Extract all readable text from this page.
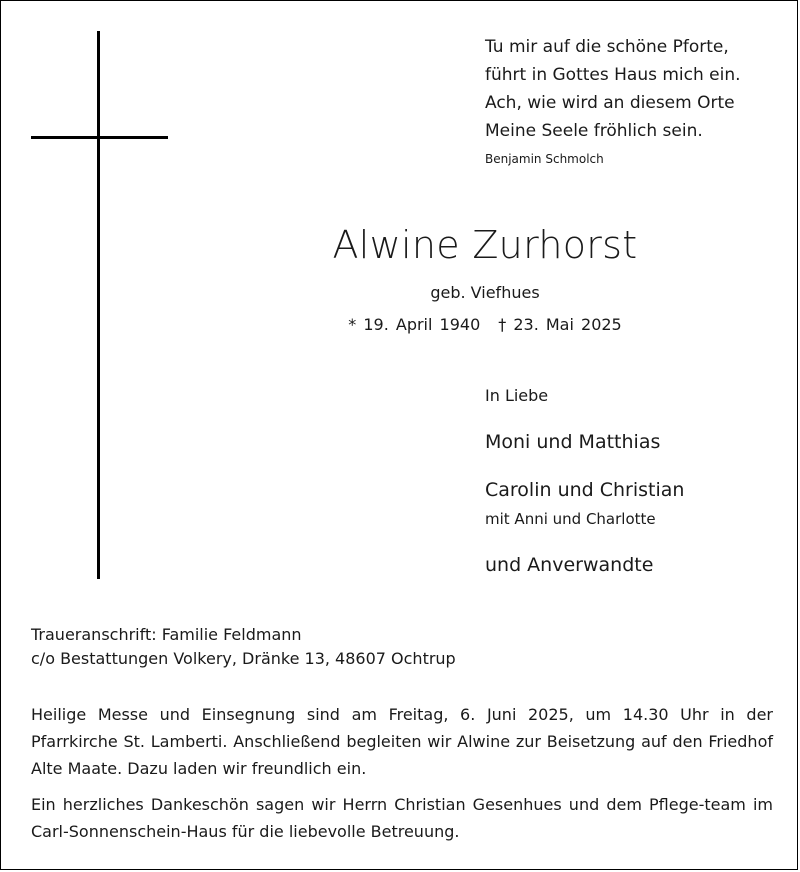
Tu mir auf die schöne Pforte,
führt in Gottes Haus mich ein.
Ach, wie wird an diesem Orte
Meine Seele fröhlich sein.
Benjamin Schmolch
Alwine Zurhorst
geb. Viefhues
* 19. April 1940 † 23. Mai 2025
In Liebe
Moni und Matthias
Carolin und Christian
mit Anni und Charlotte
und Anverwandte
Traueranschrift: Familie Feldmann
c/o Bestattungen Volkery, Dränke 13, 48607 Ochtrup
Heilige Messe und Einsegnung sind am Freitag, 6. Juni 2025, um 14.30 Uhr in der Pfarrkirche St. Lamberti. Anschließend begleiten wir Alwine zur Beisetzung auf den Friedhof Alte Maate. Dazu laden wir freundlich ein.
Ein herzliches Dankeschön sagen wir Herrn Christian Gesenhues und dem Pflege-team im Carl-Sonnenschein-Haus für die liebevolle Betreuung.
